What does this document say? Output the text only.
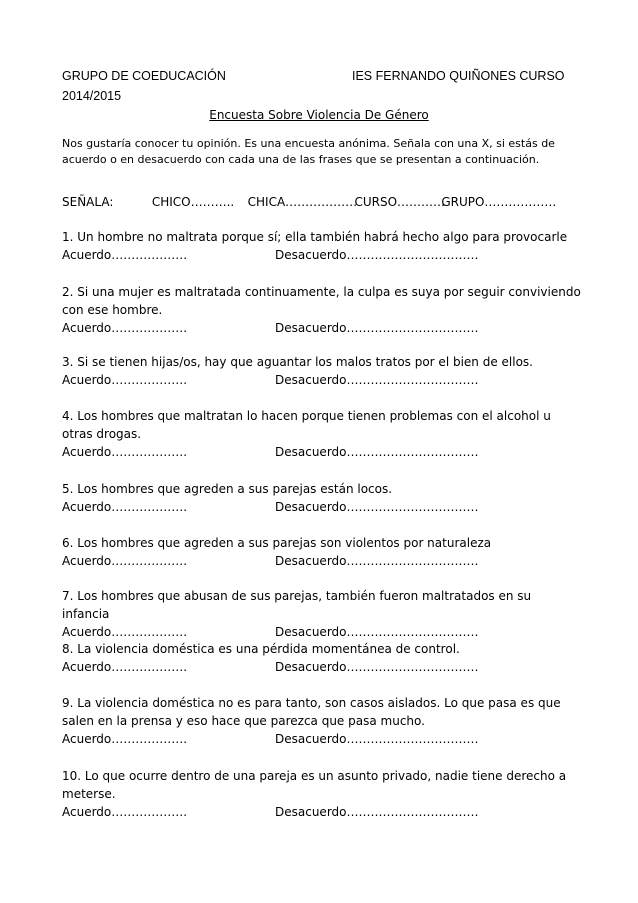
GRUPO DE COEDUCACIÓN	IES FERNANDO QUIÑONES CURSO
2014/2015
Encuesta Sobre Violencia De Género
Nos gustaría conocer tu opinión. Es una encuesta anónima. Señala con una X, si estás de acuerdo o en desacuerdo con cada una de las frases que se presentan a continuación.
SEÑALA:	CHICO……….. CHICA……………… CURSO………… GRUPO………………
1. Un hombre no maltrata porque sí; ella también habrá hecho algo para provocarle
Acuerdo……………….	Desacuerdo……………………………
2. Si una mujer es maltratada continuamente, la culpa es suya por seguir conviviendo con ese hombre.
Acuerdo……………….	Desacuerdo……………………………
3. Si se tienen hijas/os, hay que aguantar los malos tratos por el bien de ellos.
Acuerdo……………….	Desacuerdo……………………………
4. Los hombres que maltratan lo hacen porque tienen problemas con el alcohol u otras drogas.
Acuerdo……………….	Desacuerdo……………………………
5. Los hombres que agreden a sus parejas están locos.
Acuerdo……………….	Desacuerdo……………………………
6. Los hombres que agreden a sus parejas son violentos por naturaleza
Acuerdo……………….	Desacuerdo……………………………
7. Los hombres que abusan de sus parejas, también fueron maltratados en su infancia
Acuerdo……………….	Desacuerdo……………………………
8. La violencia doméstica es una pérdida momentánea de control.
Acuerdo……………….	Desacuerdo……………………………
9. La violencia doméstica no es para tanto, son casos aislados. Lo que pasa es que salen en la prensa y eso hace que parezca que pasa mucho.
Acuerdo……………….	Desacuerdo……………………………
10. Lo que ocurre dentro de una pareja es un asunto privado, nadie tiene derecho a meterse.
Acuerdo……………….	Desacuerdo……………………………
